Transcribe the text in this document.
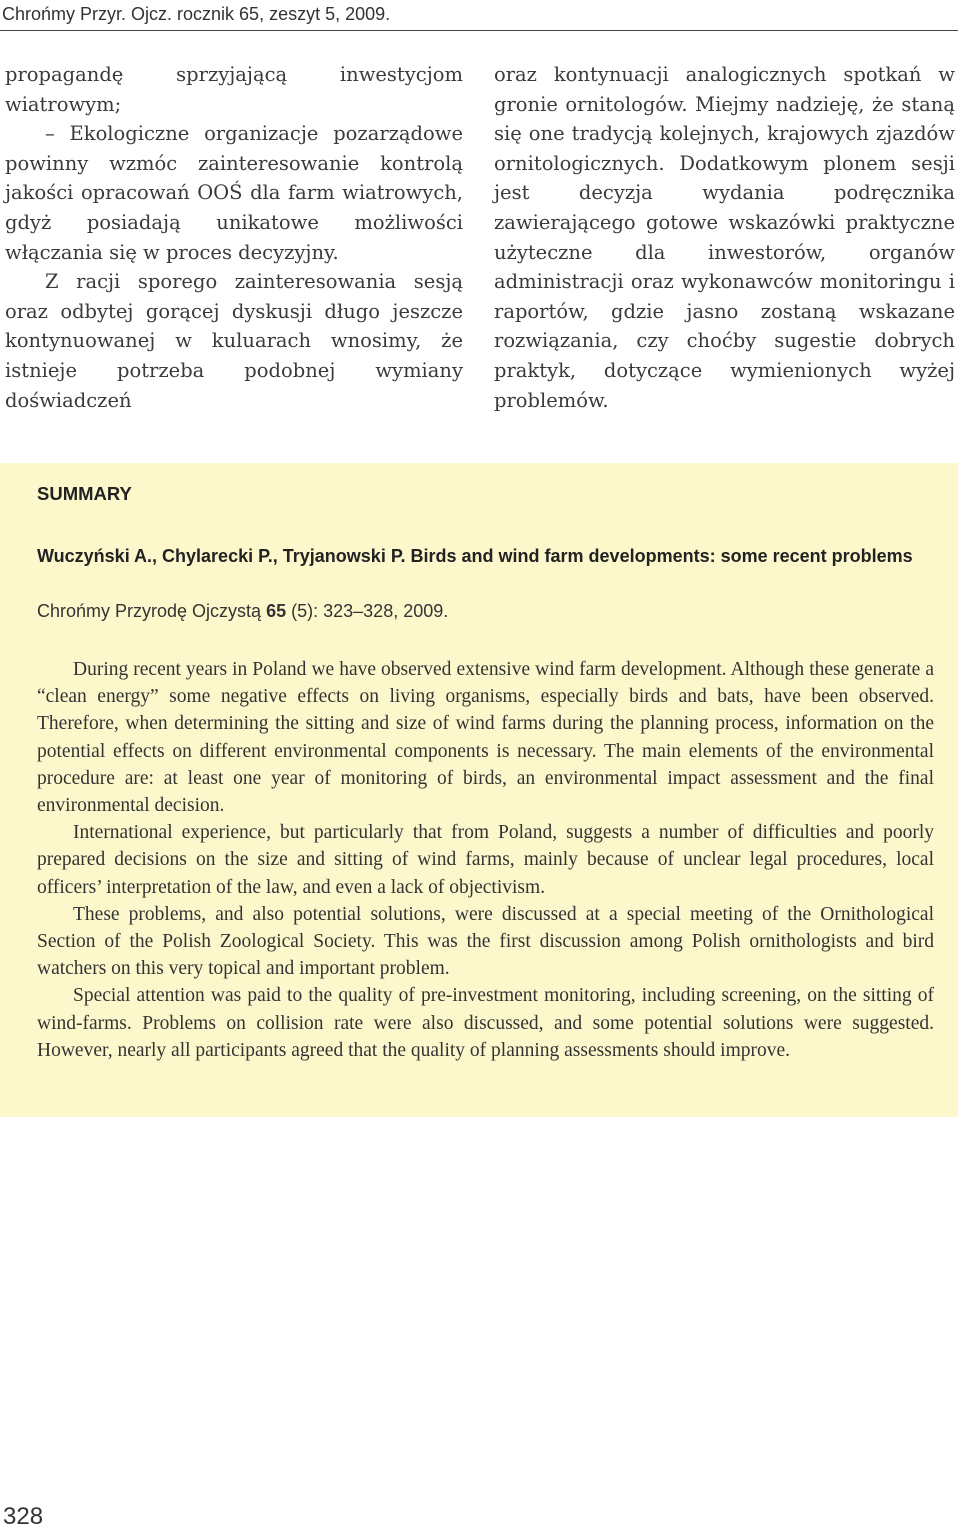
Chrońmy Przyr. Ojcz. rocznik 65, zeszyt 5, 2009.

propagandę sprzyjającą inwestycjom wiatrowym;

– Ekologiczne organizacje pozarządowe powinny wzmóc zainteresowanie kontrolą jakości opracowań OOŚ dla farm wiatrowych, gdyż posiadają unikatowe możliwości włączania się w proces decyzyjny.

Z racji sporego zainteresowania sesją oraz odbytej gorącej dyskusji długo jeszcze kontynuowanej w kuluarach wnosimy, że istnieje potrzeba podobnej wymiany doświadczeń

oraz kontynuacji analogicznych spotkań w gronie ornitologów. Miejmy nadzieję, że staną się one tradycją kolejnych, krajowych zjazdów ornitologicznych. Dodatkowym plonem sesji jest decyzja wydania podręcznika zawierającego gotowe wskazówki praktyczne użyteczne dla inwestorów, organów administracji oraz wykonawców monitoringu i raportów, gdzie jasno zostaną wskazane rozwiązania, czy choćby sugestie dobrych praktyk, dotyczące wymienionych wyżej problemów.

SUMMARY
Wuczyński A., Chylarecki P., Tryjanowski P. Birds and wind farm developments: some recent problems
Chrońmy Przyrodę Ojczystą 65 (5): 323–328, 2009.

During recent years in Poland we have observed extensive wind farm development. Although these generate a “clean energy” some negative effects on living organisms, especially birds and bats, have been observed. Therefore, when determining the sitting and size of wind farms during the planning process, information on the potential effects on different environmental components is necessary. The main elements of the environmental procedure are: at least one year of monitoring of birds, an environmental impact assessment and the final environmental decision.

International experience, but particularly that from Poland, suggests a number of difficulties and poorly prepared decisions on the size and sitting of wind farms, mainly because of unclear legal procedures, local officers’ interpretation of the law, and even a lack of objectivism.

These problems, and also potential solutions, were discussed at a special meeting of the Ornithological Section of the Polish Zoological Society. This was the first discussion among Polish ornithologists and bird watchers on this very topical and important problem.

Special attention was paid to the quality of pre-investment monitoring, including screening, on the sitting of wind-farms. Problems on collision rate were also discussed, and some potential solutions were suggested. However, nearly all participants agreed that the quality of planning assessments should improve.

328
